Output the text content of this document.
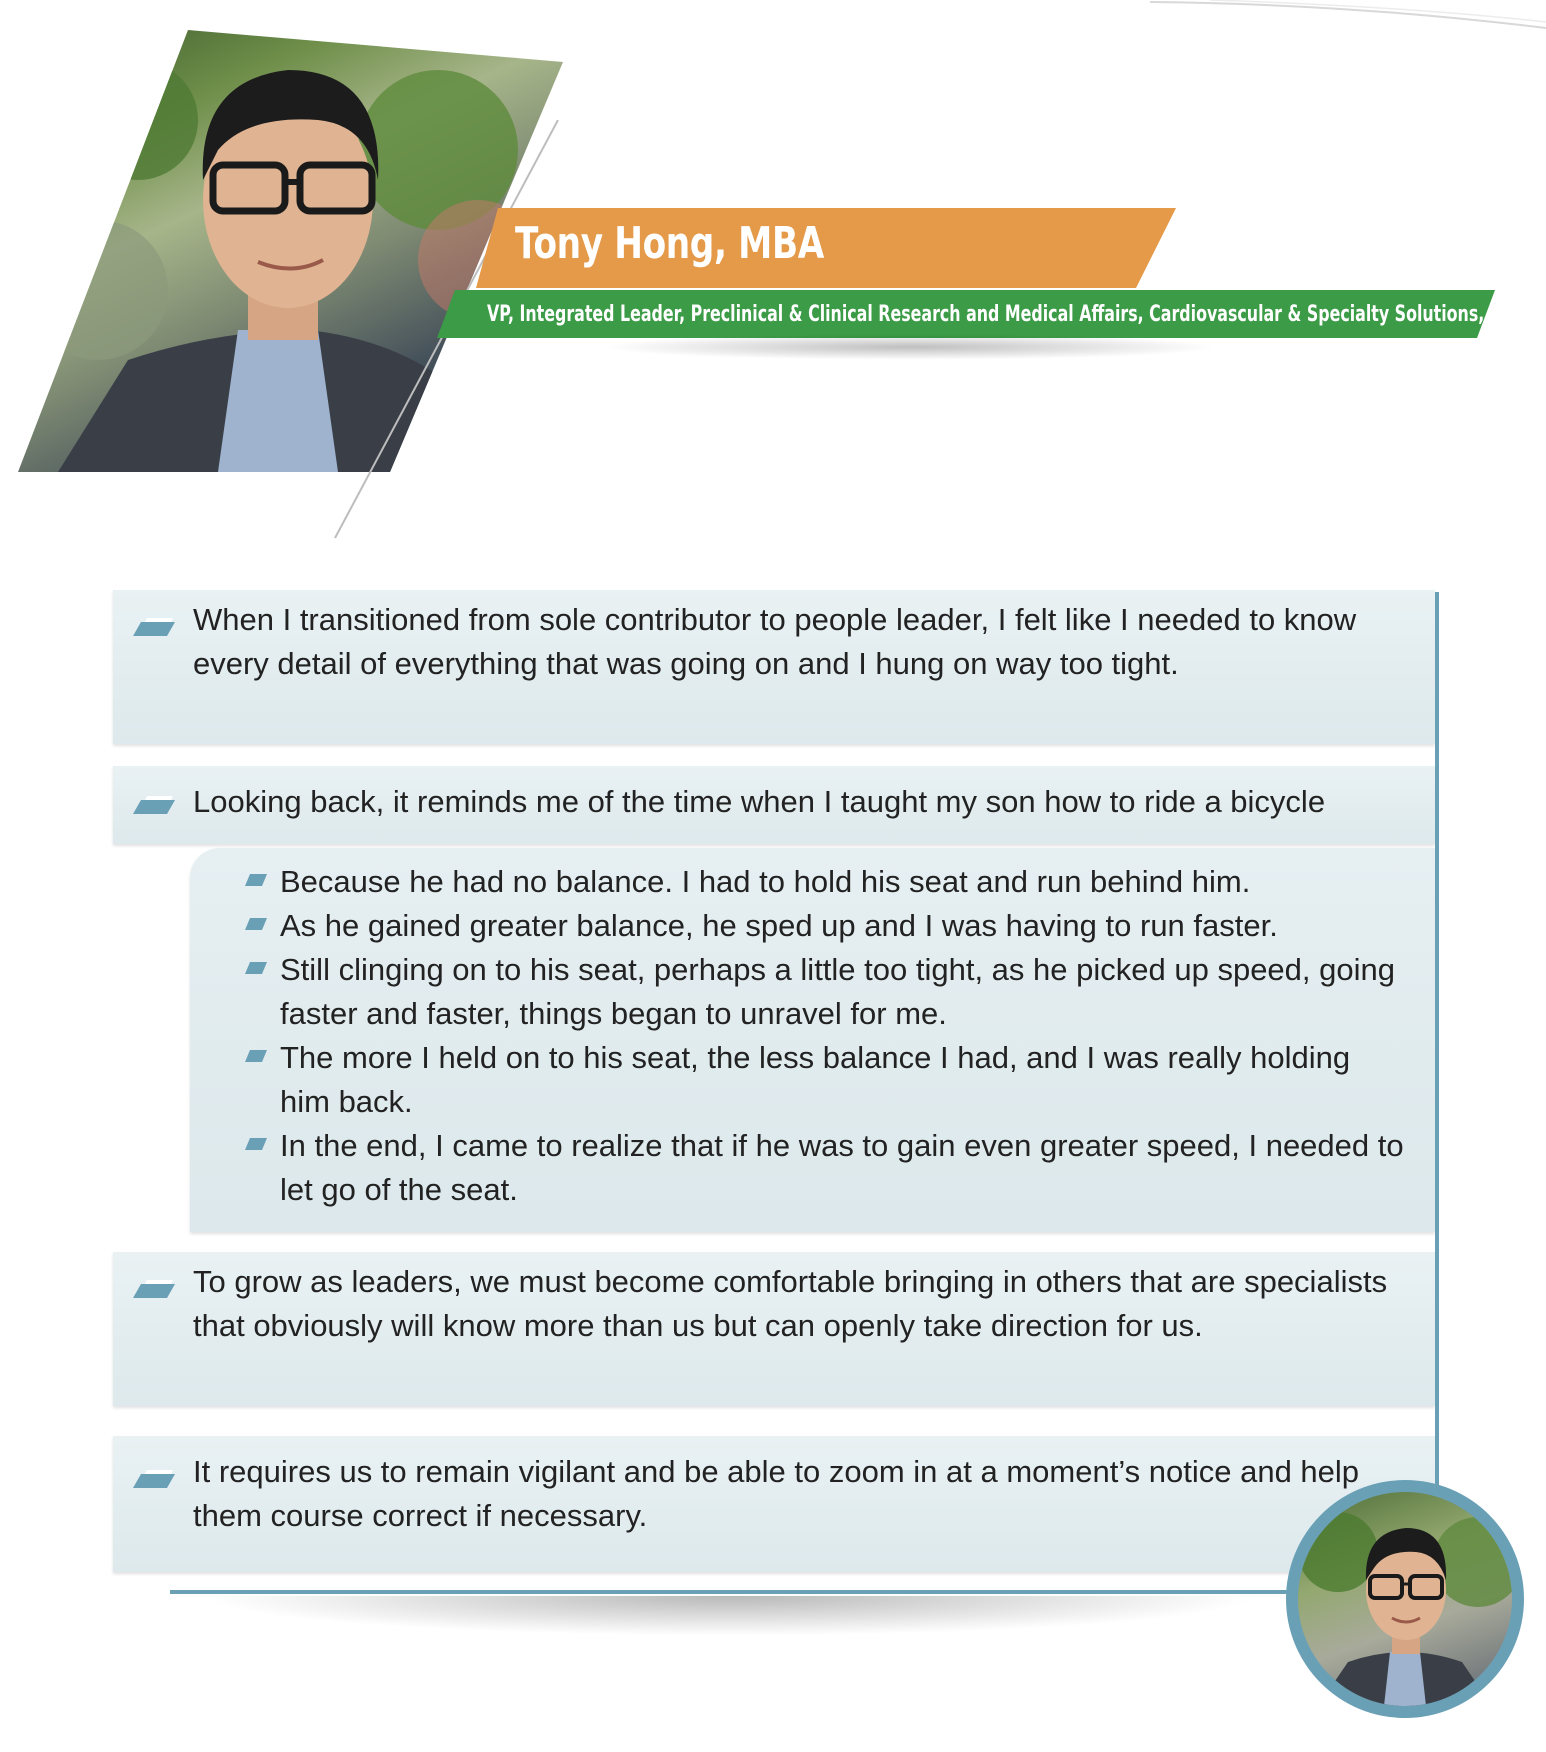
Tony Hong, MBA
VP, Integrated Leader, Preclinical & Clinical Research and Medical Affairs, Cardiovascular & Specialty Solutions, J&J
When I transitioned from sole contributor to people leader, I felt like I needed to know every detail of everything that was going on and I hung on way too tight.
Looking back, it reminds me of the time when I taught my son how to ride a bicycle
Because he had no balance. I had to hold his seat and run behind him.
As he gained greater balance, he sped up and I was having to run faster.
Still clinging on to his seat, perhaps a little too tight, as he picked up speed, going faster and faster, things began to unravel for me.
The more I held on to his seat, the less balance I had, and I was really holding him back.
In the end, I came to realize that if he was to gain even greater speed, I needed to let go of the seat.
To grow as leaders, we must become comfortable bringing in others that are specialists that obviously will know more than us but can openly take direction for us.
It requires us to remain vigilant and be able to zoom in at a moment’s notice and help them course correct if necessary.
